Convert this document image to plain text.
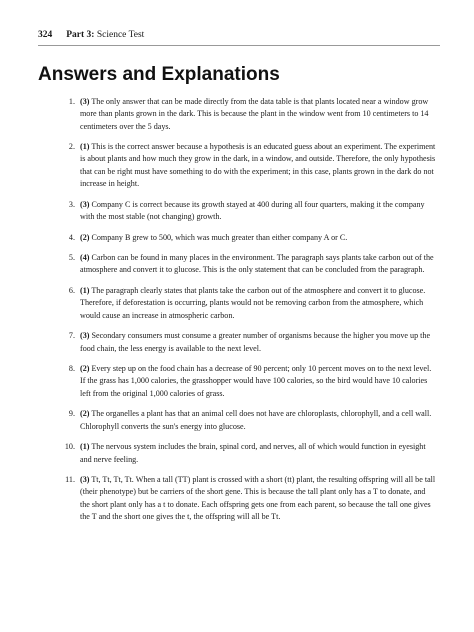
324 Part 3: Science Test
Answers and Explanations
1. (3) The only answer that can be made directly from the data table is that plants located near a window grow more than plants grown in the dark. This is because the plant in the window went from 10 centimeters to 14 centimeters over the 5 days.
2. (1) This is the correct answer because a hypothesis is an educated guess about an experiment. The experiment is about plants and how much they grow in the dark, in a window, and outside. Therefore, the only hypothesis that can be right must have something to do with the experiment; in this case, plants grown in the dark do not increase in height.
3. (3) Company C is correct because its growth stayed at 400 during all four quarters, making it the company with the most stable (not changing) growth.
4. (2) Company B grew to 500, which was much greater than either company A or C.
5. (4) Carbon can be found in many places in the environment. The paragraph says plants take carbon out of the atmosphere and convert it to glucose. This is the only statement that can be concluded from the paragraph.
6. (1) The paragraph clearly states that plants take the carbon out of the atmosphere and convert it to glucose. Therefore, if deforestation is occurring, plants would not be removing carbon from the atmosphere, which would cause an increase in atmospheric carbon.
7. (3) Secondary consumers must consume a greater number of organisms because the higher you move up the food chain, the less energy is available to the next level.
8. (2) Every step up on the food chain has a decrease of 90 percent; only 10 percent moves on to the next level. If the grass has 1,000 calories, the grasshopper would have 100 calories, so the bird would have 10 calories left from the original 1,000 calories of grass.
9. (2) The organelles a plant has that an animal cell does not have are chloroplasts, chlorophyll, and a cell wall. Chlorophyll converts the sun's energy into glucose.
10. (1) The nervous system includes the brain, spinal cord, and nerves, all of which would function in eyesight and nerve feeling.
11. (3) Tt, Tt, Tt, Tt. When a tall (TT) plant is crossed with a short (tt) plant, the resulting offspring will all be tall (their phenotype) but be carriers of the short gene. This is because the tall plant only has a T to donate, and the short plant only has a t to donate. Each offspring gets one from each parent, so because the tall one gives the T and the short one gives the t, the offspring will all be Tt.
